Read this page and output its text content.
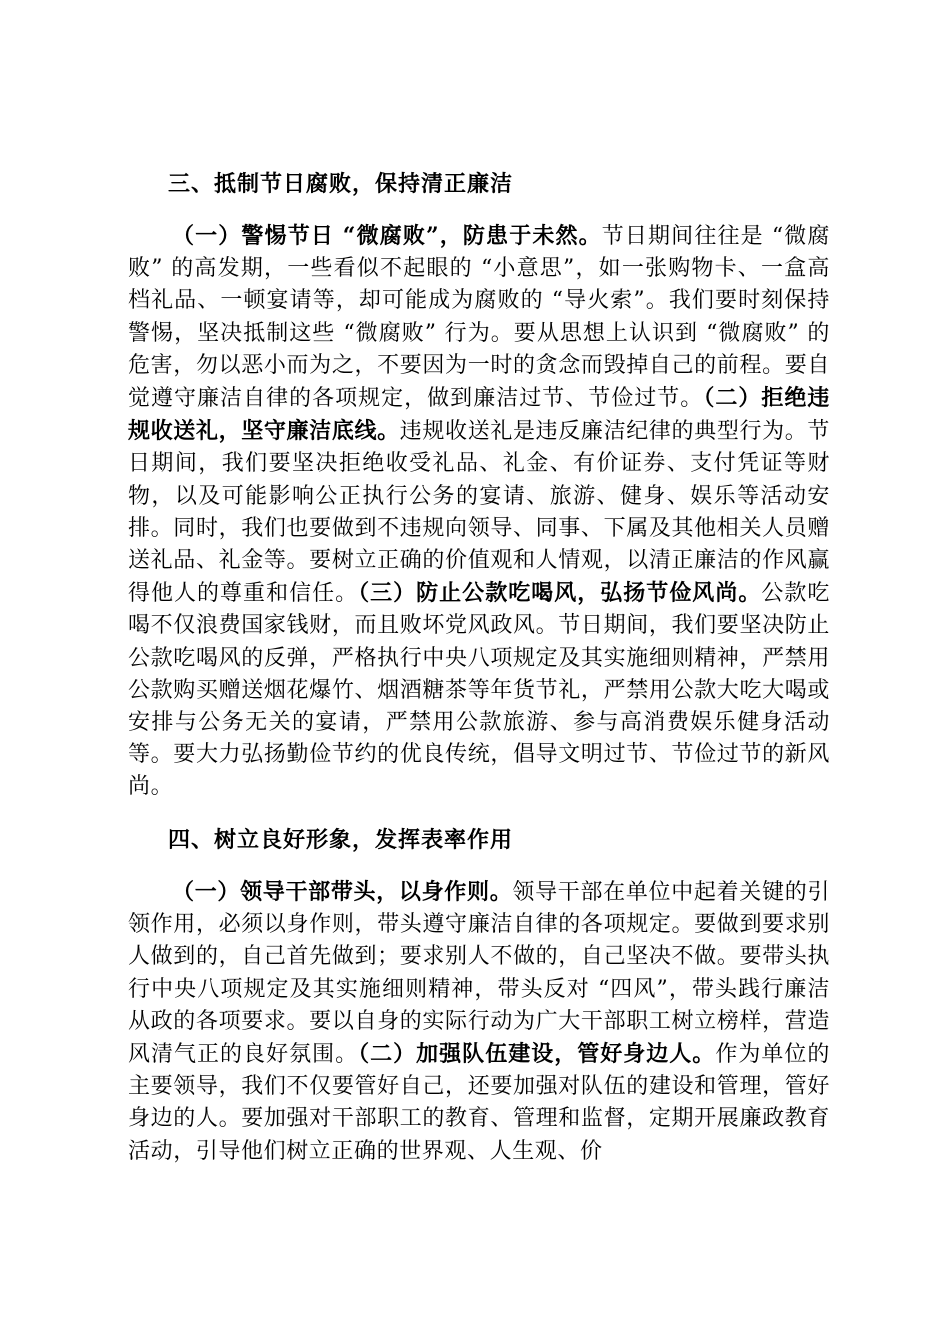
三、抵制节日腐败，保持清正廉洁
（一）警惕节日 “微腐败”，防患于未然。节日期间往往是 “微腐败” 的高发期，一些看似不起眼的 “小意思”，如一张购物卡、一盒高档礼品、一顿宴请等，却可能成为腐败的 “导火索”。我们要时刻保持警惕，坚决抵制这些 “微腐败” 行为。要从思想上认识到 “微腐败” 的危害，勿以恶小而为之，不要因为一时的贪念而毁掉自己的前程。要自觉遵守廉洁自律的各项规定，做到廉洁过节、节俭过节。（二）拒绝违规收送礼，坚守廉洁底线。违规收送礼是违反廉洁纪律的典型行为。节日期间，我们要坚决拒绝收受礼品、礼金、有价证券、支付凭证等财物，以及可能影响公正执行公务的宴请、旅游、健身、娱乐等活动安排。同时，我们也要做到不违规向领导、同事、下属及其他相关人员赠送礼品、礼金等。要树立正确的价值观和人情观，以清正廉洁的作风赢得他人的尊重和信任。（三）防止公款吃喝风，弘扬节俭风尚。公款吃喝不仅浪费国家钱财，而且败坏党风政风。节日期间，我们要坚决防止公款吃喝风的反弹，严格执行中央八项规定及其实施细则精神，严禁用公款购买赠送烟花爆竹、烟酒糖茶等年货节礼，严禁用公款大吃大喝或安排与公务无关的宴请，严禁用公款旅游、参与高消费娱乐健身活动等。要大力弘扬勤俭节约的优良传统，倡导文明过节、节俭过节的新风尚。
四、树立良好形象，发挥表率作用
（一）领导干部带头，以身作则。领导干部在单位中起着关键的引领作用，必须以身作则，带头遵守廉洁自律的各项规定。要做到要求别人做到的，自己首先做到；要求别人不做的，自己坚决不做。要带头执行中央八项规定及其实施细则精神，带头反对 “四风”，带头践行廉洁从政的各项要求。要以自身的实际行动为广大干部职工树立榜样，营造风清气正的良好氛围。（二）加强队伍建设，管好身边人。作为单位的主要领导，我们不仅要管好自己，还要加强对队伍的建设和管理，管好身边的人。要加强对干部职工的教育、管理和监督，定期开展廉政教育活动，引导他们树立正确的世界观、人生观、价
